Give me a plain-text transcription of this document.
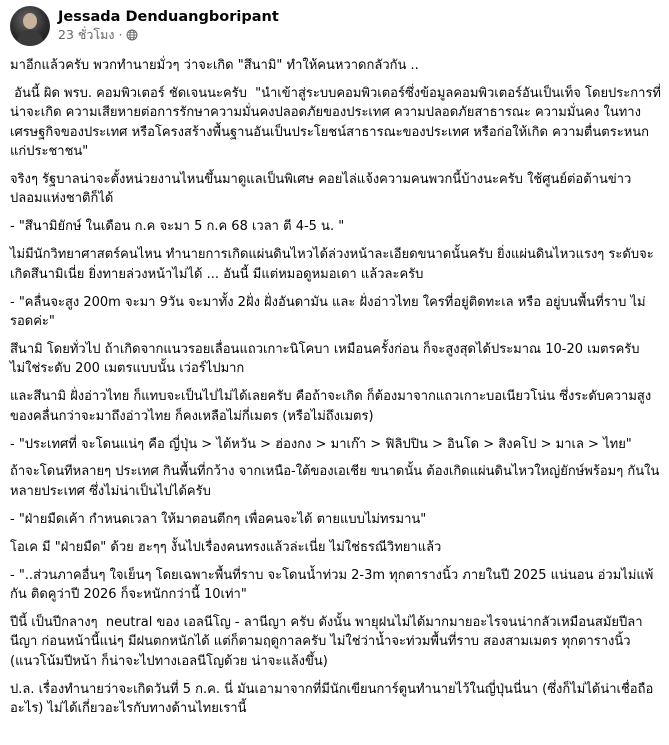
Jessada Denduangboripant
23 ชั่วโมง ·

มาอีกแล้วครับ พวกทำนายมั่วๆ ว่าจะเกิด "สึนามิ" ทำให้คนหวาดกลัวกัน ..

อันนี้ ผิด พรบ. คอมพิวเตอร์ ชัดเจนนะครับ  "นำเข้าสู่ระบบคอมพิวเตอร์ซึ่งข้อมูลคอมพิวเตอร์อันเป็นเท็จ โดยประการที่น่าจะเกิด ความเสียหายต่อการรักษาความมั่นคงปลอดภัยของประเทศ ความปลอดภัยสาธารณะ ความมั่นคง ในทางเศรษฐกิจของประเทศ หรือโครงสร้างพื้นฐานอันเป็นประโยชน์สาธารณะของประเทศ หรือก่อให้เกิด ความตื่นตระหนกแก่ประชาชน"

จริงๆ รัฐบาลน่าจะตั้งหน่วยงานไหนขึ้นมาดูแลเป็นพิเศษ คอยไล่แจ้งความคนพวกนี้บ้างนะครับ ใช้ศูนย์ต่อต้านข่าวปลอมแห่งชาติก็ได้

- "สึนามิยักษ์ ในเดือน ก.ค จะมา 5 ก.ค 68 เวลา ตี 4-5 น. "

ไม่มีนักวิทยาศาสตร์คนไหน ทำนายการเกิดแผ่นดินไหวได้ล่วงหน้าละเอียดขนาดนั้นครับ ยิ่งแผ่นดินไหวแรงๆ ระดับจะเกิดสึนามิเนี่ย ยิ่งทายล่วงหน้าไม่ได้ ... อันนี้ มีแต่หมอดูหมอเดา แล้วละครับ

- "คลื่นจะสูง 200m จะมา 9วัน จะมาทั้ง 2ฝั่ง ฝั่งอันดามัน และ ฝั่งอ่าวไทย ใครที่อยู่ติดทะเล หรือ อยู่บนพื้นที่ราบ ไม่รอดค่ะ"

สึนามิ โดยทั่วไป ถ้าเกิดจากแนวรอยเลื่อนแถวเกาะนิโคบา เหมือนครั้งก่อน ก็จะสูงสุดได้ประมาณ 10-20 เมตรครับ ไม่ใช่ระดับ 200 เมตรแบบนั้น เว่อร์ไปมาก

และสึนามิ ฝั่งอ่าวไทย ก็แทบจะเป็นไปไม่ได้เลยครับ คือถ้าจะเกิด ก็ต้องมาจากแถวเกาะบอเนียวโน่น ซึ่งระดับความสูงของคลื่นกว่าจะมาถึงอ่าวไทย ก็คงเหลือไม่กี่เมตร (หรือไม่ถึงเมตร)

- "ประเทศที่ จะโดนแน่ๆ คือ ญี่ปุ่น > ไต้หวัน > ฮ่องกง > มาเก๊า > ฟิลิปปิน > อินโด > สิงคโป > มาเล > ไทย"

ถ้าจะโดนทีหลายๆ ประเทศ กินพื้นที่กว้าง จากเหนือ-ใต้ของเอเชีย ขนาดนั้น ต้องเกิดแผ่นดินไหวใหญ่ยักษ์พร้อมๆ กันในหลายประเทศ ซึ่งไม่น่าเป็นไปได้ครับ

- "ฝ่ายมืดเค้า กำหนดเวลา ให้มาตอนตีกๆ เพื่อคนจะได้ ตายแบบไม่ทรมาน"

โอเค มี "ฝ่ายมืด" ด้วย ฮะๆๆ งั้นไปเรื่องคนทรงแล้วล่ะเนี่ย ไม่ใช่ธรณีวิทยาแล้ว

- "..ส่วนภาคอื่นๆ ใจเย็นๆ โดยเฉพาะพื้นที่ราบ จะโดนน้ำท่วม 2-3m ทุกตารางนิ้ว ภายในปี 2025 แน่นอน อ่วมไม่แพ้กัน ติดคูว่าปี 2026 ก็จะหนักกว่านี้ 10เท่า"

ปีนี้ เป็นปีกลางๆ  neutral ของ เอลนีโญ - ลานีญา ครับ ดังนั้น พายุฝนไม่ได้มากมายอะไรจนน่ากลัวเหมือนสมัยปีลานีญา ก่อนหน้านี้แน่ๆ มีฝนตกหนักได้ แต่ก็ตามฤดูกาลครับ ไม่ใช่ว่าน้ำจะท่วมพื้นที่ราบ สองสามเมตร ทุกตารางนิ้ว (แนวโน้มปีหน้า ก็น่าจะไปทางเอลนีโญด้วย น่าจะแล้งขึ้น)

ป.ล. เรื่องทำนายว่าจะเกิดวันที่ 5 ก.ค. นี่ มันเอามาจากที่มีนักเขียนการ์ตูนทำนายไว้ในญี่ปุ่นนี่นา (ซึ่งก็ไม่ได้น่าเชื่อถืออะไร) ไม่ได้เกี่ยวอะไรกับทางด้านไทยเรานี้
